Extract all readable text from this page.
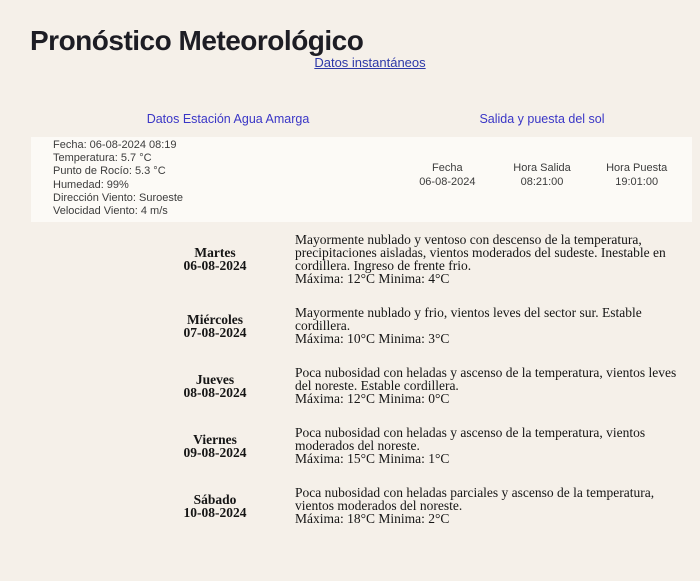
Pronóstico Meteorológico
Datos instantáneos
Datos Estación Agua Amarga	Salida y puesta del sol
Fecha: 06-08-2024 08:19
Temperatura: 5.7 °C
Punto de Rocío: 5.3 °C
Humedad: 99%
Dirección Viento: Suroeste
Velocidad Viento: 4 m/s
Fecha
06-08-2024
Hora Salida
08:21:00
Hora Puesta
19:01:00
Martes
06-08-2024
Mayormente nublado y ventoso con descenso de la temperatura, precipitaciones aisladas, vientos moderados del sudeste. Inestable en cordillera. Ingreso de frente frio.
Máxima: 12°C Minima: 4°C
Miércoles
07-08-2024
Mayormente nublado y frio, vientos leves del sector sur. Estable cordillera.
Máxima: 10°C Minima: 3°C
Jueves
08-08-2024
Poca nubosidad con heladas y ascenso de la temperatura, vientos leves del noreste. Estable cordillera.
Máxima: 12°C Minima: 0°C
Viernes
09-08-2024
Poca nubosidad con heladas y ascenso de la temperatura, vientos moderados del noreste.
Máxima: 15°C Minima: 1°C
Sábado
10-08-2024
Poca nubosidad con heladas parciales y ascenso de la temperatura, vientos moderados del noreste.
Máxima: 18°C Minima: 2°C
